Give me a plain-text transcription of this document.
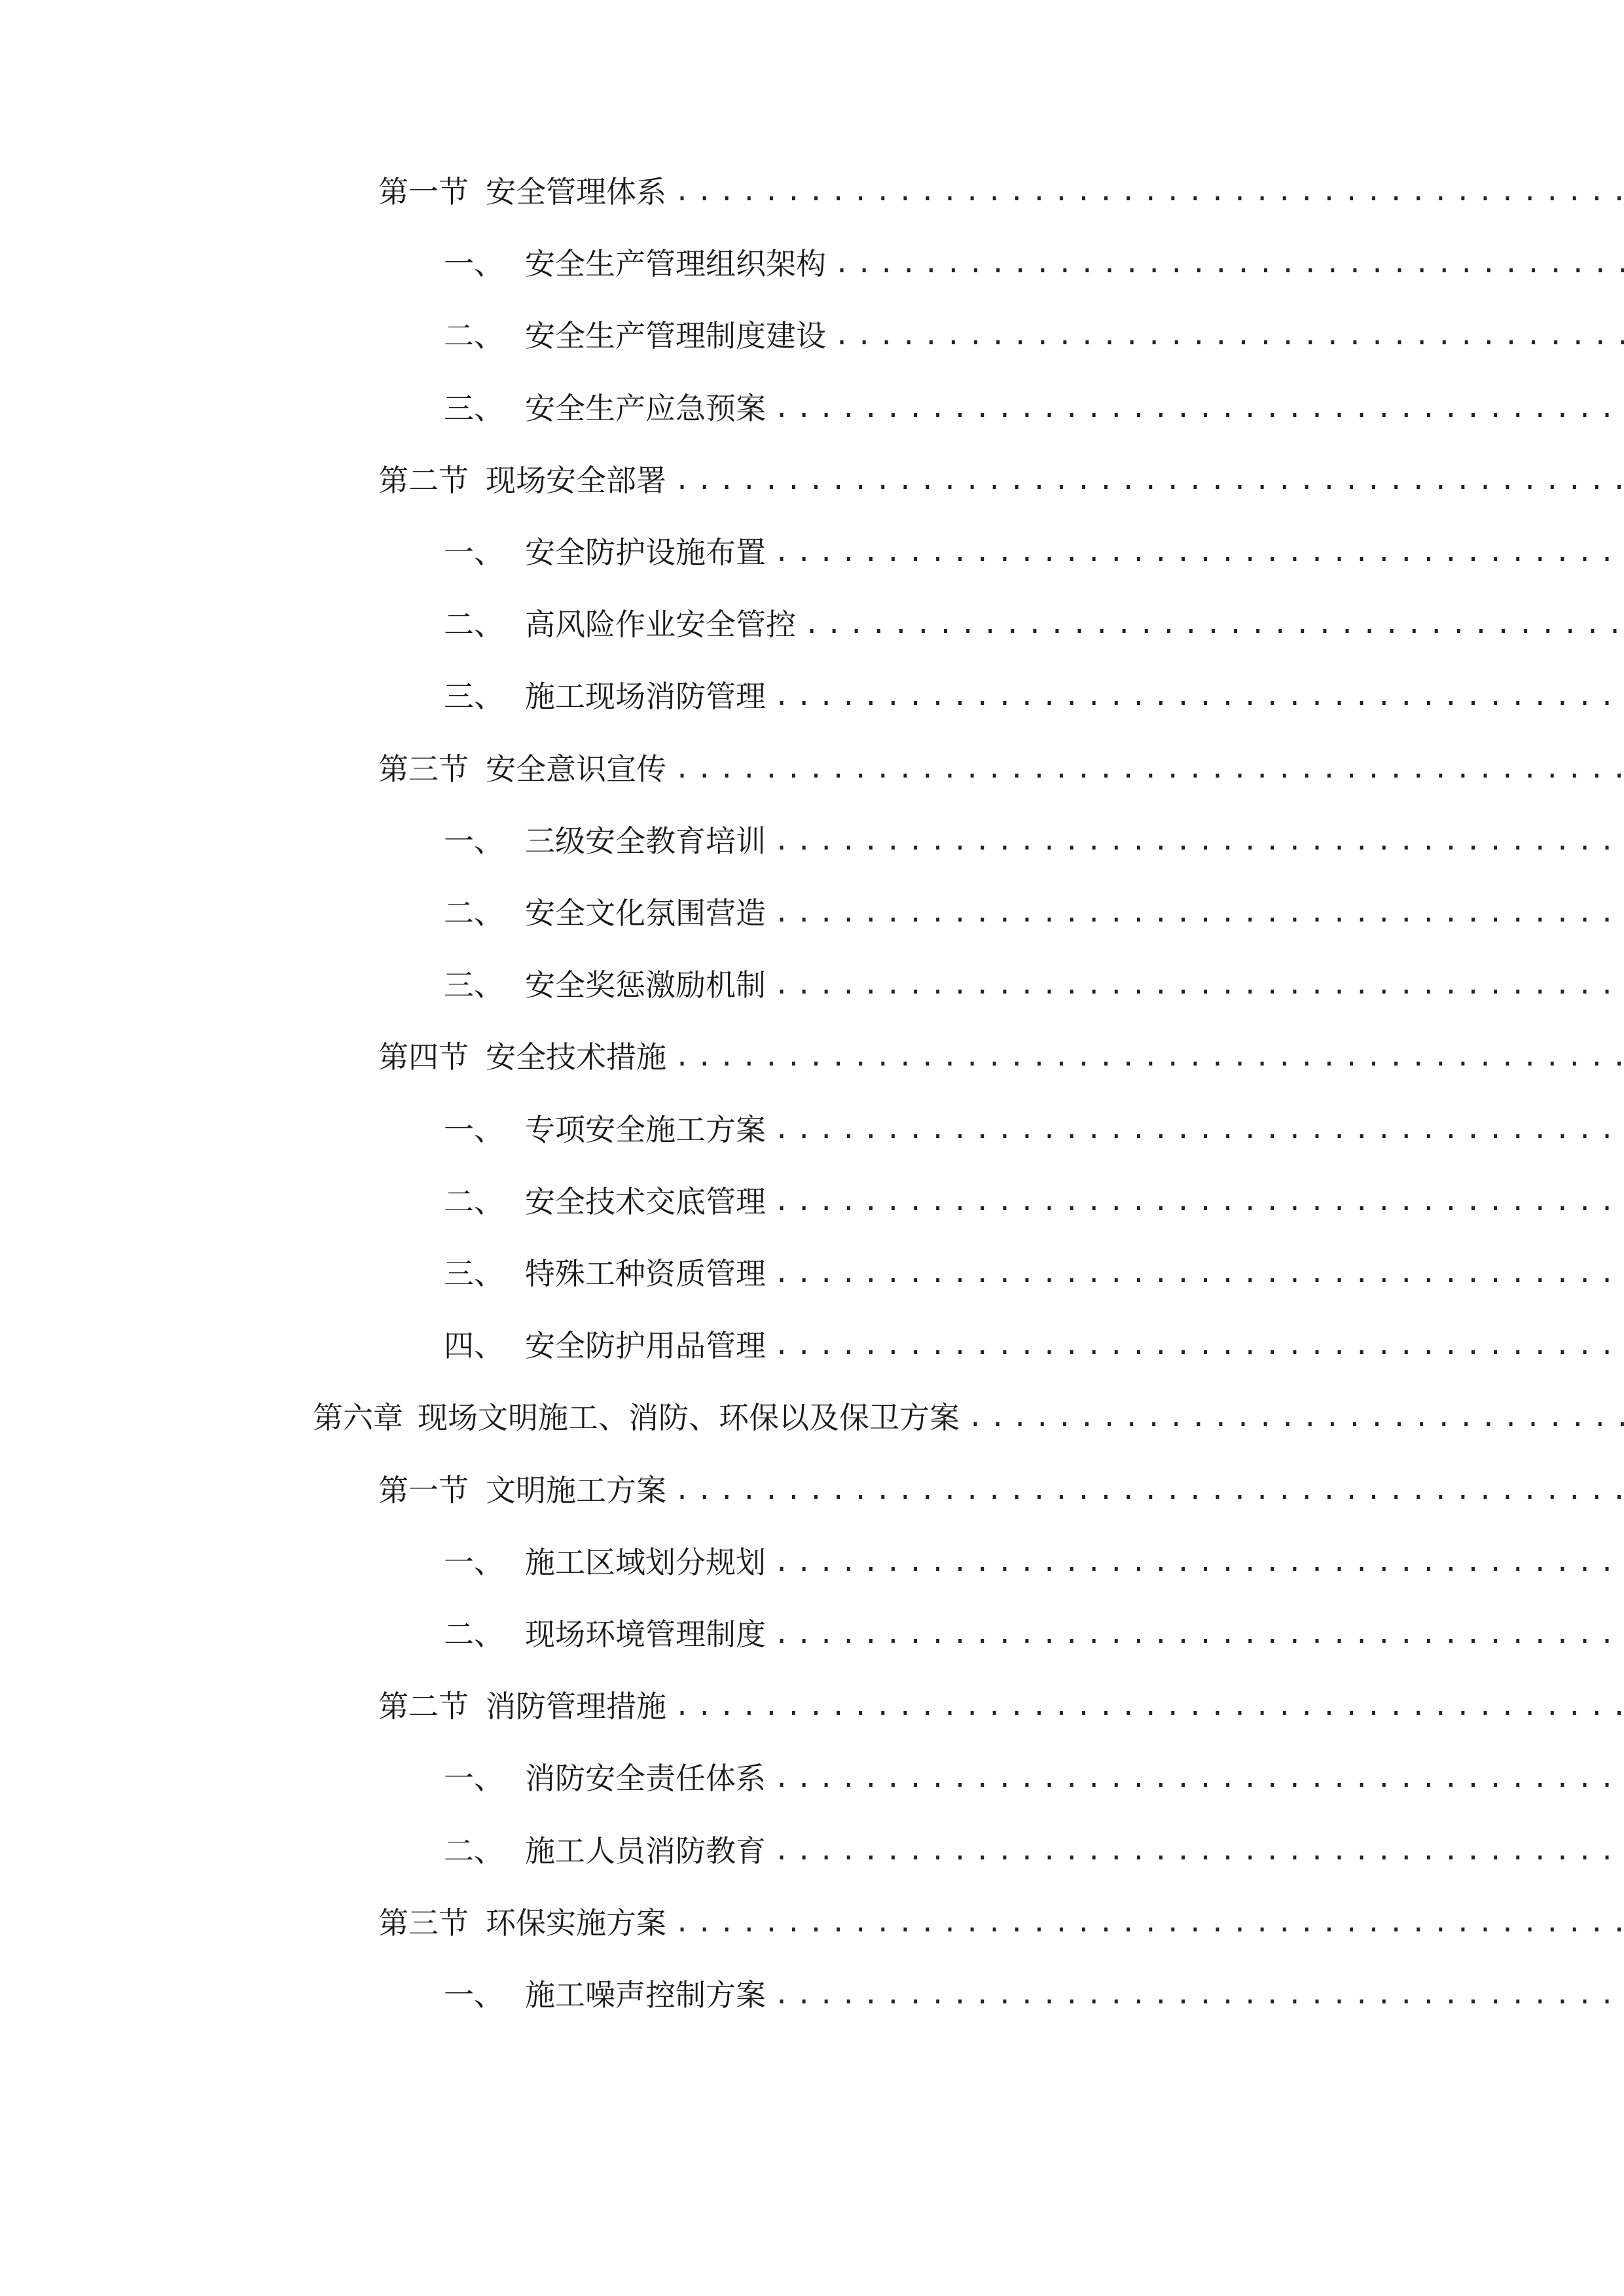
第一节 安全管理体系
.....
一、 安全生产管理组织架构
.....
二、 安全生产管理制度建设
.....
三、 安全生产应急预案
.....
第二节 现场安全部署
.....
一、 安全防护设施布置
.....
二、 高风险作业安全管控
.....
三、 施工现场消防管理
.....
第三节 安全意识宣传
.....
一、 三级安全教育培训
.....
二、 安全文化氛围营造
.....
三、 安全奖惩激励机制
.....
第四节 安全技术措施
.....
一、 专项安全施工方案
.....
二、 安全技术交底管理
.....
三、 特殊工种资质管理
.....
四、 安全防护用品管理
.....
第六章 现场文明施工、消防、环保以及保卫方案
.....
第一节 文明施工方案
.....
一、 施工区域划分规划
.....
二、 现场环境管理制度
.....
第二节 消防管理措施
.....
一、 消防安全责任体系
.....
二、 施工人员消防教育
.....
第三节 环保实施方案
.....
一、 施工噪声控制方案
.....
